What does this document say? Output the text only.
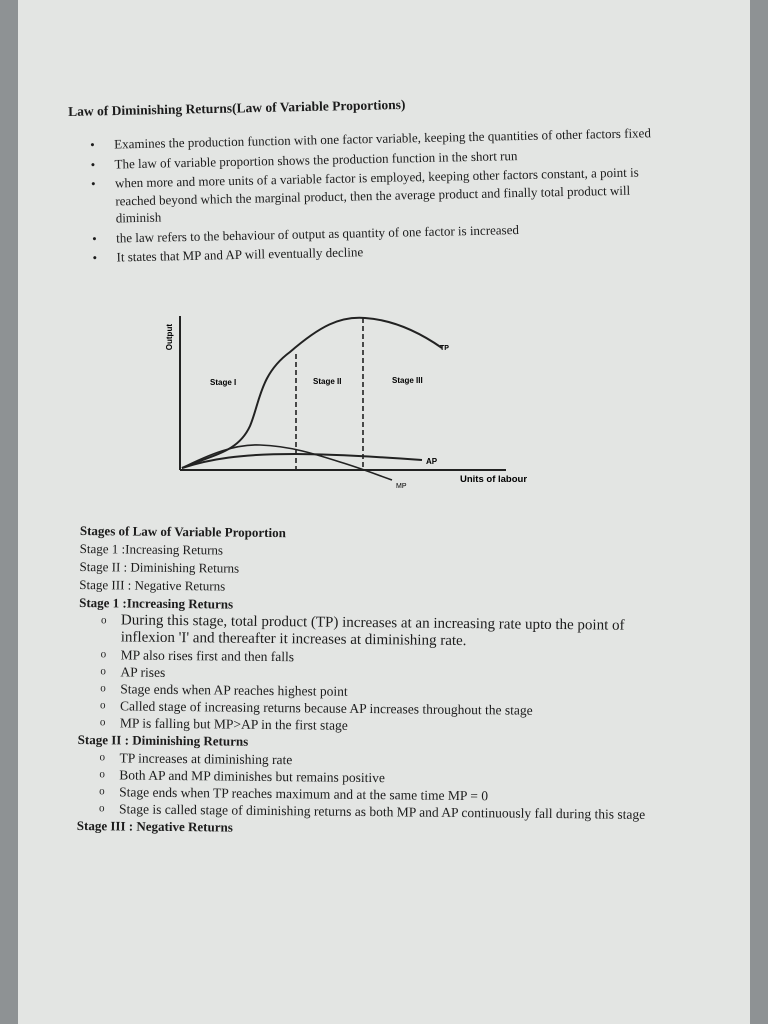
Law of Diminishing Returns(Law of Variable Proportions)
• Examines the production function with one factor variable, keeping the quantities of other factors fixed
• The law of variable proportion shows the production function in the short run
• when more and more units of a variable factor is employed, keeping other factors constant, a point is reached beyond which the marginal product, then the average product and finally total product will diminish
• the law refers to the behaviour of output as quantity of one factor is increased
• It states that MP and AP will eventually decline
Output
Units of labour
Stage I	Stage II	Stage III
TP
AP
MP
Stages of Law of Variable Proportion
Stage 1 :Increasing Returns
Stage II : Diminishing Returns
Stage III : Negative Returns
Stage 1 :Increasing Returns
o During this stage, total product (TP) increases at an increasing rate upto the point of inflexion 'I' and thereafter it increases at diminishing rate.
o MP also rises first and then falls
o AP rises
o Stage ends when AP reaches highest point
o Called stage of increasing returns because AP increases throughout the stage
o MP is falling but MP>AP in the first stage
Stage II : Diminishing Returns
o TP increases at diminishing rate
o Both AP and MP diminishes but remains positive
o Stage ends when TP reaches maximum and at the same time MP = 0
o Stage is called stage of diminishing returns as both MP and AP continuously fall during this stage
Stage III : Negative Returns
